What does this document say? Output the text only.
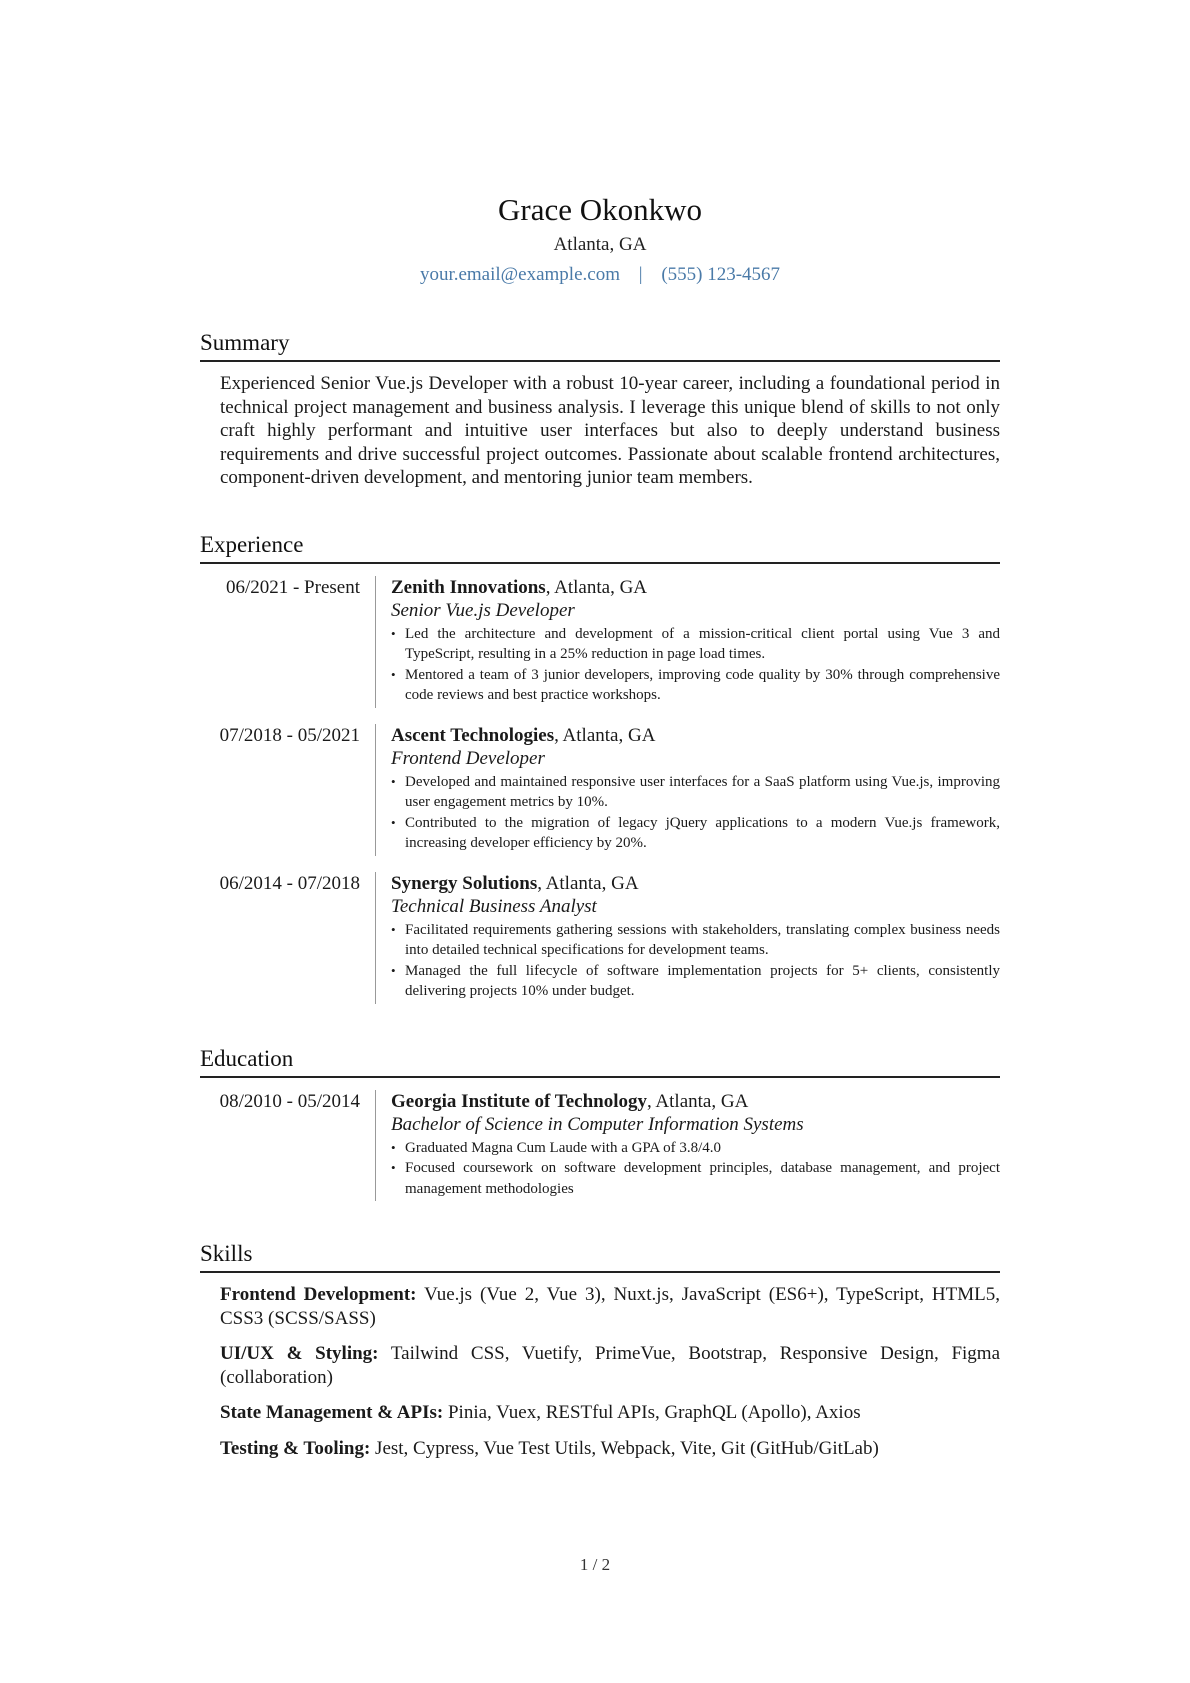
Grace Okonkwo
Atlanta, GA
your.email@example.com | (555) 123-4567
Summary

Experienced Senior Vue.js Developer with a robust 10-year career, including a foundational period in technical project management and business analysis. I leverage this unique blend of skills to not only craft highly performant and intuitive user interfaces but also to deeply understand business requirements and drive successful project outcomes. Passionate about scalable frontend architectures, component-driven development, and mentoring junior team members.

Experience
06/2021 - Present	Zenith Innovations, Atlanta, GA
Senior Vue.js Developer
• Led the architecture and development of a mission-critical client portal using Vue 3 and TypeScript, resulting in a 25% reduction in page load times.
• Mentored a team of 3 junior developers, improving code quality by 30% through comprehensive code reviews and best practice workshops.
07/2018 - 05/2021	Ascent Technologies, Atlanta, GA
Frontend Developer
• Developed and maintained responsive user interfaces for a SaaS platform using Vue.js, improving user engagement metrics by 10%.
• Contributed to the migration of legacy jQuery applications to a modern Vue.js framework, increasing developer efficiency by 20%.
06/2014 - 07/2018	Synergy Solutions, Atlanta, GA
Technical Business Analyst
• Facilitated requirements gathering sessions with stakeholders, translating complex business needs into detailed technical specifications for development teams.
• Managed the full lifecycle of software implementation projects for 5+ clients, consistently delivering projects 10% under budget.
Education
08/2010 - 05/2014	Georgia Institute of Technology, Atlanta, GA
Bachelor of Science in Computer Information Systems
• Graduated Magna Cum Laude with a GPA of 3.8/4.0
• Focused coursework on software development principles, database management, and project management methodologies
Skills
Frontend Development: Vue.js (Vue 2, Vue 3), Nuxt.js, JavaScript (ES6+), TypeScript, HTML5, CSS3 (SCSS/SASS)
UI/UX & Styling: Tailwind CSS, Vuetify, PrimeVue, Bootstrap, Responsive Design, Figma (collaboration)
State Management & APIs: Pinia, Vuex, RESTful APIs, GraphQL (Apollo), Axios
Testing & Tooling: Jest, Cypress, Vue Test Utils, Webpack, Vite, Git (GitHub/GitLab)
1 / 2
